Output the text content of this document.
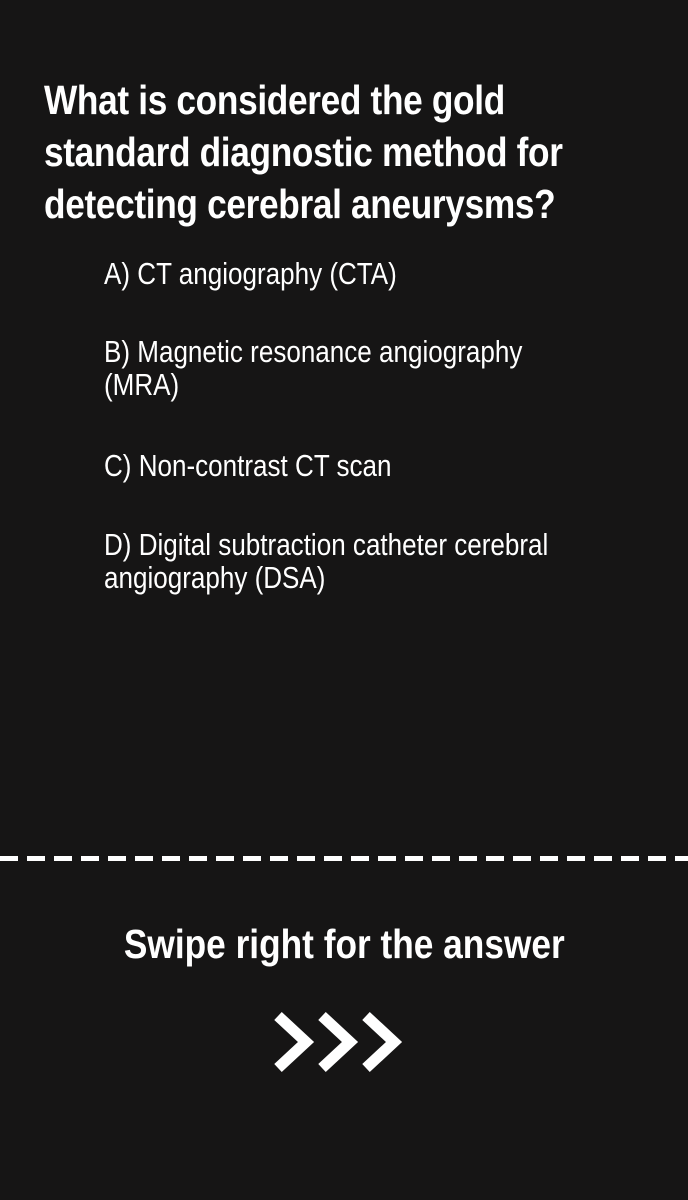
What is considered the gold
standard diagnostic method for
detecting cerebral aneurysms?
A) CT angiography (CTA)
B) Magnetic resonance angiography
(MRA)
C) Non-contrast CT scan
D) Digital subtraction catheter cerebral
angiography (DSA)
Swipe right for the answer
